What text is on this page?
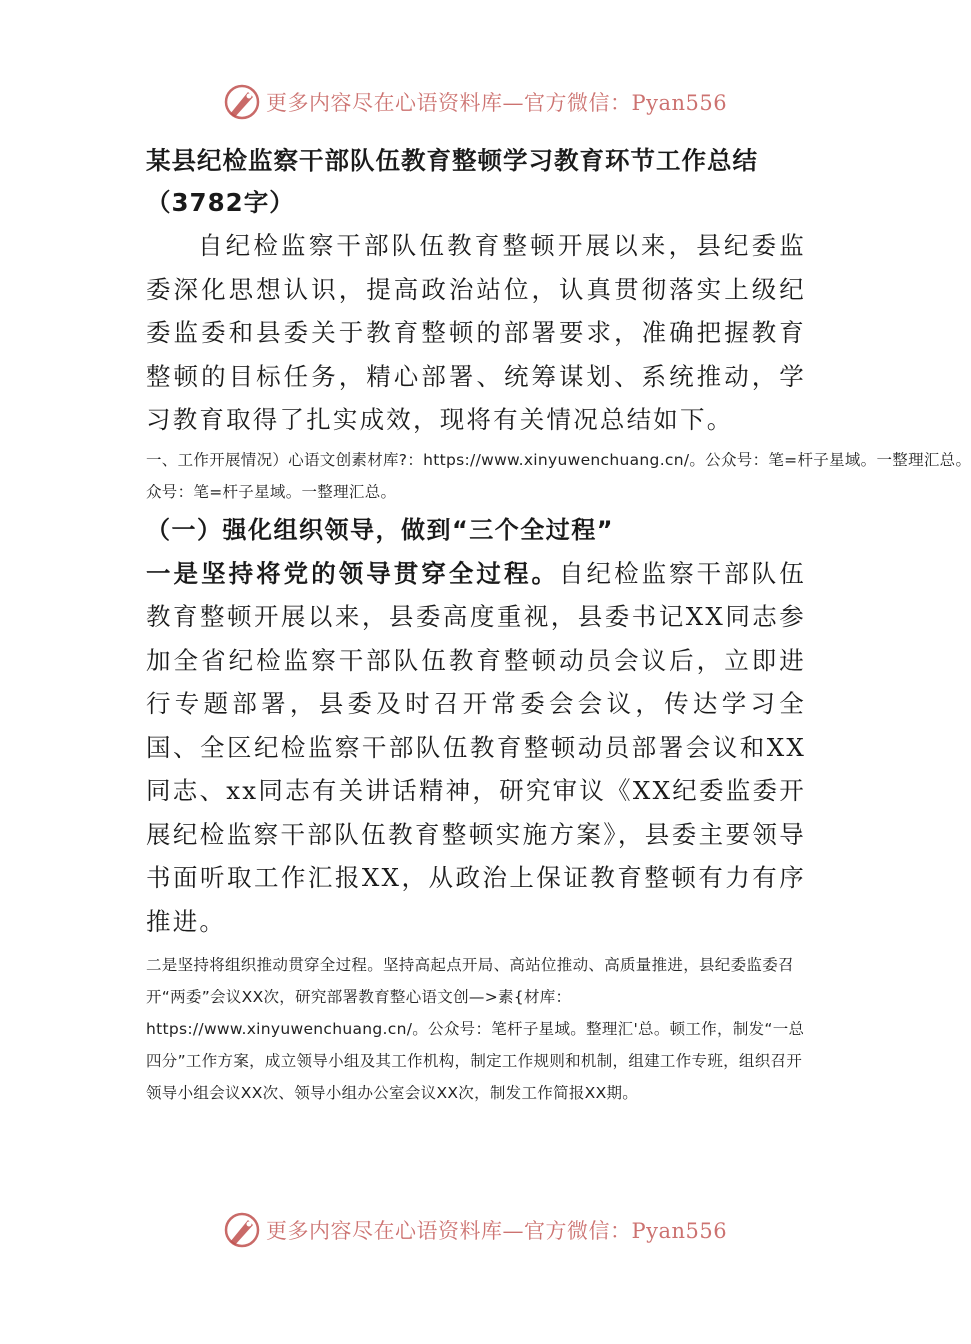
更多内容尽在心语资料库—官方微信：Pyan556

某县纪检监察干部队伍教育整顿学习教育环节工作总结

（3782字）

自纪检监察干部队伍教育整顿开展以来，县纪委监委深化思想认识，提高政治站位，认真贯彻落实上级纪委监委和县委关于教育整顿的部署要求，准确把握教育整顿的目标任务，精心部署、统筹谋划、系统推动，学习教育取得了扎实成效，现将有关情况总结如下。

一、工作开展情况）心语文创素材库?：https://www.xinyuwenchuang.cn/。公众号：笔=杆子星域。一整理汇总。

众号：笔=杆子星域。一整理汇总。

（一）强化组织领导，做到“三个全过程”

一是坚持将党的领导贯穿全过程。自纪检监察干部队伍教育整顿开展以来，县委高度重视，县委书记XX同志参加全省纪检监察干部队伍教育整顿动员会议后，立即进行专题部署，县委及时召开常委会会议，传达学习全国、全区纪检监察干部队伍教育整顿动员部署会议和XX同志、xx同志有关讲话精神，研究审议《XX纪委监委开展纪检监察干部队伍教育整顿实施方案》，县委主要领导书面听取工作汇报XX，从政治上保证教育整顿有力有序推进。

二是坚持将组织推动贯穿全过程。坚持高起点开局、高站位推动、高质量推进，县纪委监委召开“两委”会议XX次，研究部署教育整心语文创—>素{材库：https://www.xinyuwenchuang.cn/。公众号：笔杆子星域。整理汇'总。顿工作，制发“一总四分”工作方案，成立领导小组及其工作机构，制定工作规则和机制，组建工作专班，组织召开领导小组会议XX次、领导小组办公室会议XX次，制发工作简报XX期。

更多内容尽在心语资料库—官方微信：Pyan556
